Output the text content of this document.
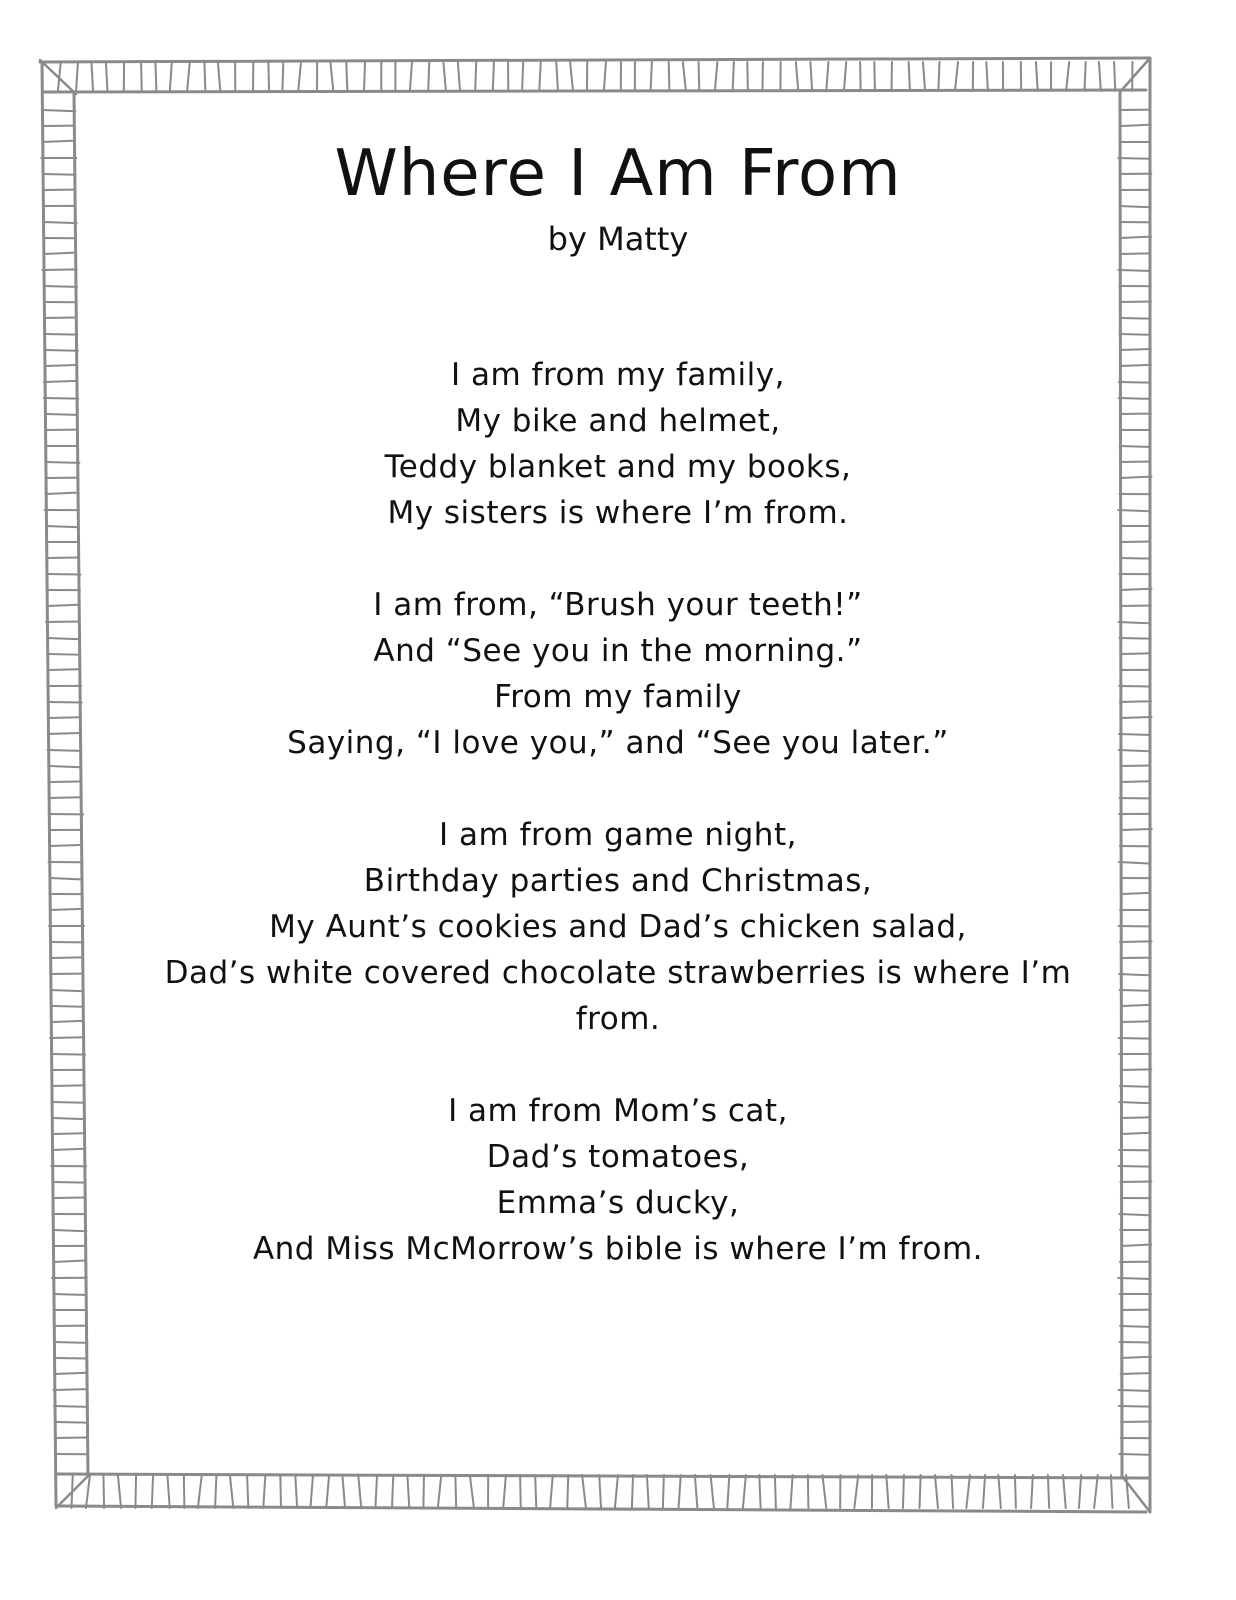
Where I Am From

by Matty

I am from my family,
My bike and helmet,
Teddy blanket and my books,
My sisters is where I’m from.
I am from, “Brush your teeth!”
And “See you in the morning.”
From my family
Saying, “I love you,” and “See you later.”
I am from game night,
Birthday parties and Christmas,
My Aunt’s cookies and Dad’s chicken salad,
Dad’s white covered chocolate strawberries is where I’m from.
I am from Mom’s cat,
Dad’s tomatoes,
Emma’s ducky,
And Miss McMorrow’s bible is where I’m from.
